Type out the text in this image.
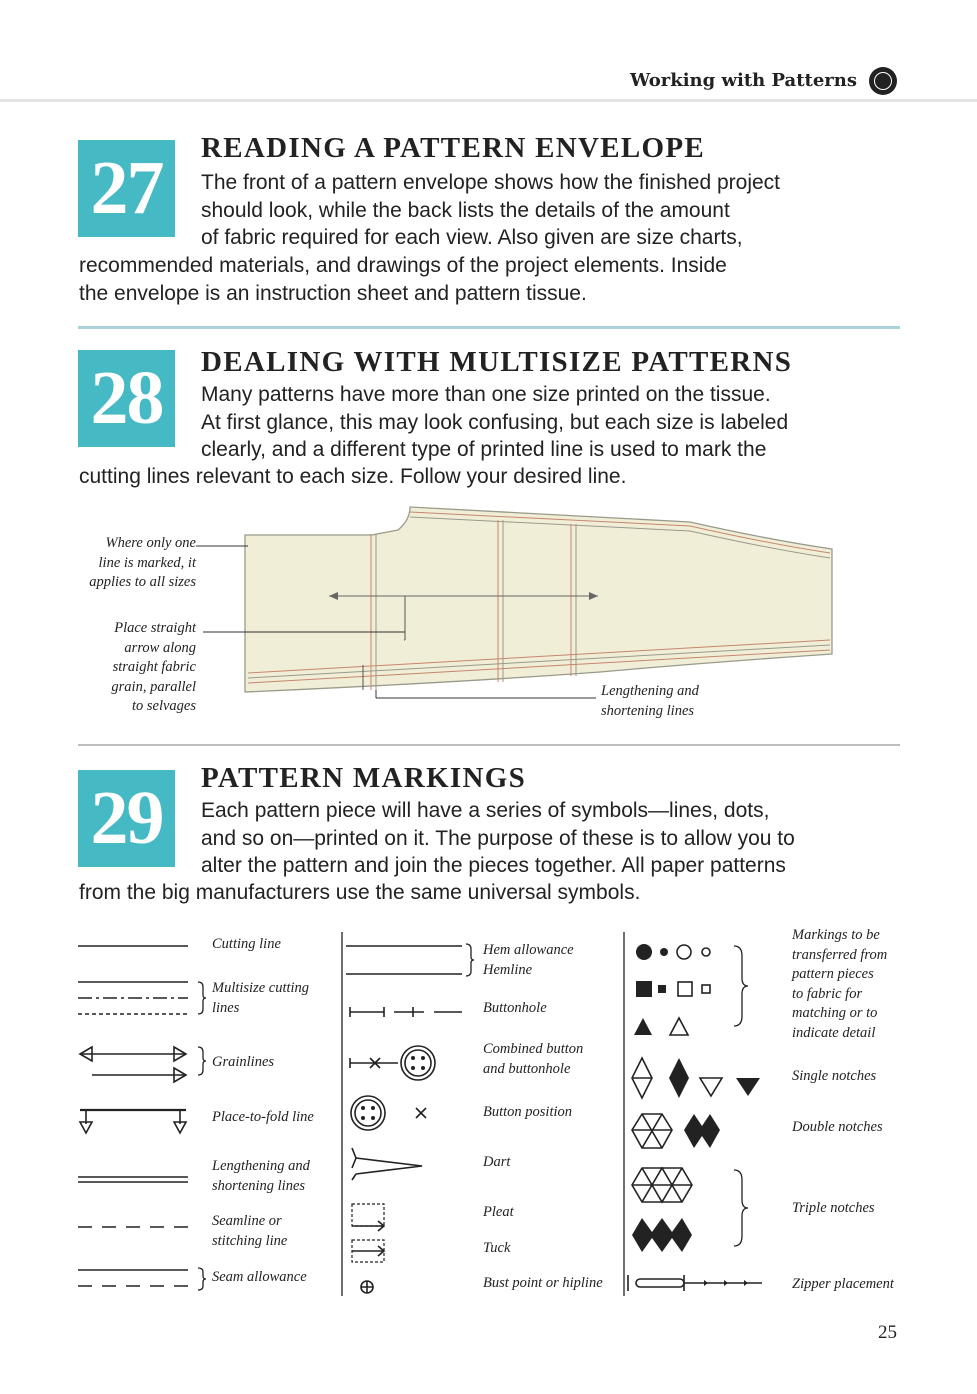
Working with Patterns
27	READING A PATTERN ENVELOPE
The front of a pattern envelope shows how the finished project
should look, while the back lists the details of the amount
of fabric required for each view. Also given are size charts,
recommended materials, and drawings of the project elements. Inside
the envelope is an instruction sheet and pattern tissue.
28	DEALING WITH MULTISIZE PATTERNS
Many patterns have more than one size printed on the tissue.
At first glance, this may look confusing, but each size is labeled
clearly, and a different type of printed line is used to mark the
cutting lines relevant to each size. Follow your desired line.
Where only one
line is marked, it
applies to all sizes
Place straight
arrow along
straight fabric
grain, parallel
to selvages
Lengthening and
shortening lines
29	PATTERN MARKINGS
Each pattern piece will have a series of symbols—lines, dots,
and so on—printed on it. The purpose of these is to allow you to
alter the pattern and join the pieces together. All paper patterns
from the big manufacturers use the same universal symbols.
Cutting line
Multisize cutting
lines
Grainlines
Place-to-fold line
Lengthening and
shortening lines
Seamline or
stitching line
Seam allowance
Hem allowance
Hemline
Buttonhole
Combined button
and buttonhole
Button position
Dart
Pleat
Tuck
Bust point or hipline
Markings to be
transferred from
pattern pieces
to fabric for
matching or to
indicate detail
Single notches
Double notches
Triple notches
Zipper placement
25
